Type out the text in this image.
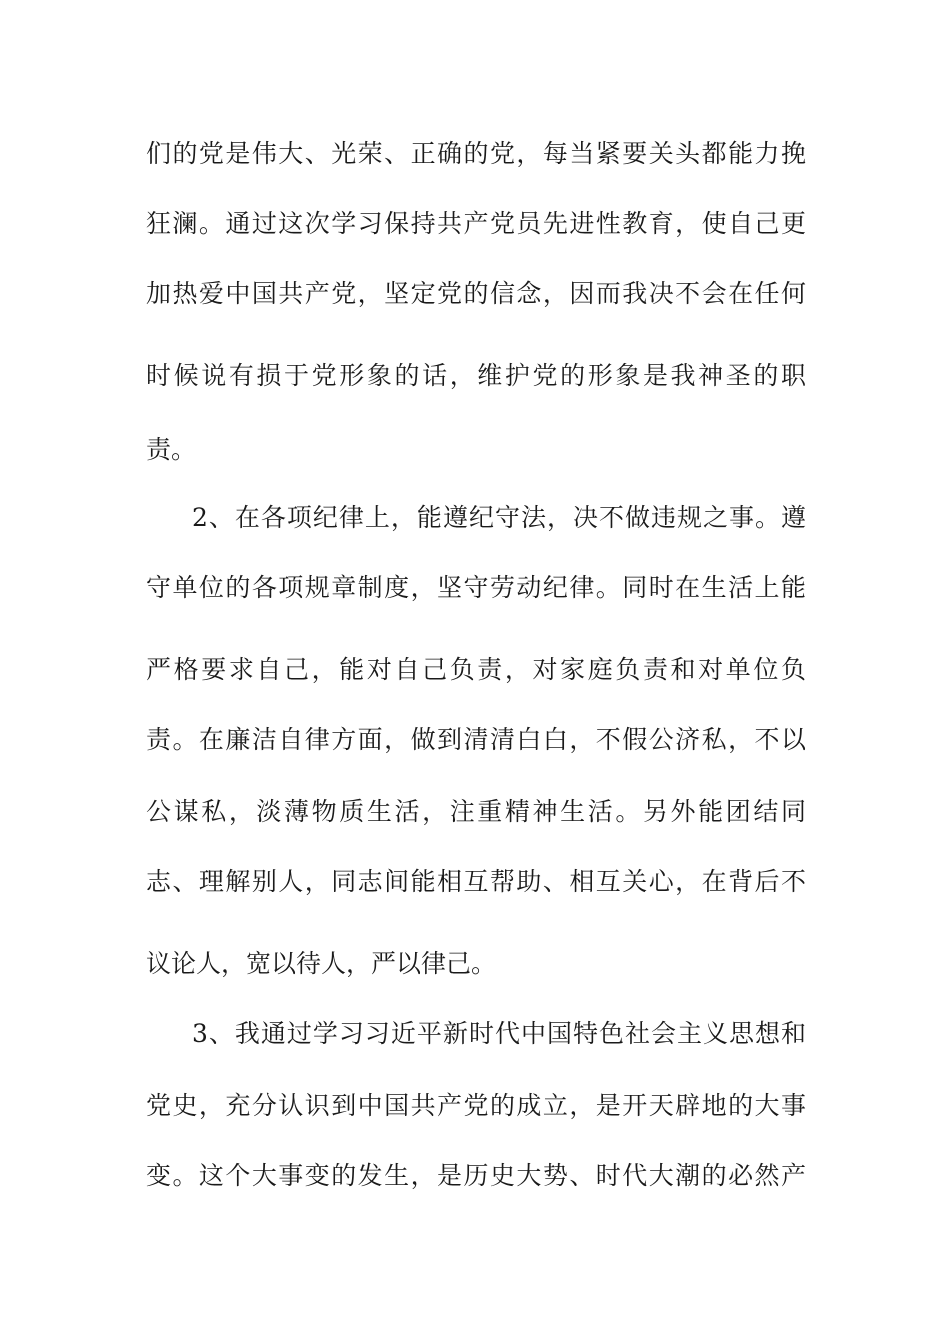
们的党是伟大、光荣、正确的党，每当紧要关头都能力挽
狂澜。通过这次学习保持共产党员先进性教育，使自己更
加热爱中国共产党，坚定党的信念，因而我决不会在任何
时候说有损于党形象的话，维护党的形象是我神圣的职
责。
2、在各项纪律上，能遵纪守法，决不做违规之事。遵
守单位的各项规章制度，坚守劳动纪律。同时在生活上能
严格要求自己，能对自己负责，对家庭负责和对单位负
责。在廉洁自律方面，做到清清白白，不假公济私，不以
公谋私，淡薄物质生活，注重精神生活。另外能团结同
志、理解别人，同志间能相互帮助、相互关心，在背后不
议论人，宽以待人，严以律己。
3、我通过学习习近平新时代中国特色社会主义思想和
党史，充分认识到中国共产党的成立，是开天辟地的大事
变。这个大事变的发生，是历史大势、时代大潮的必然产
